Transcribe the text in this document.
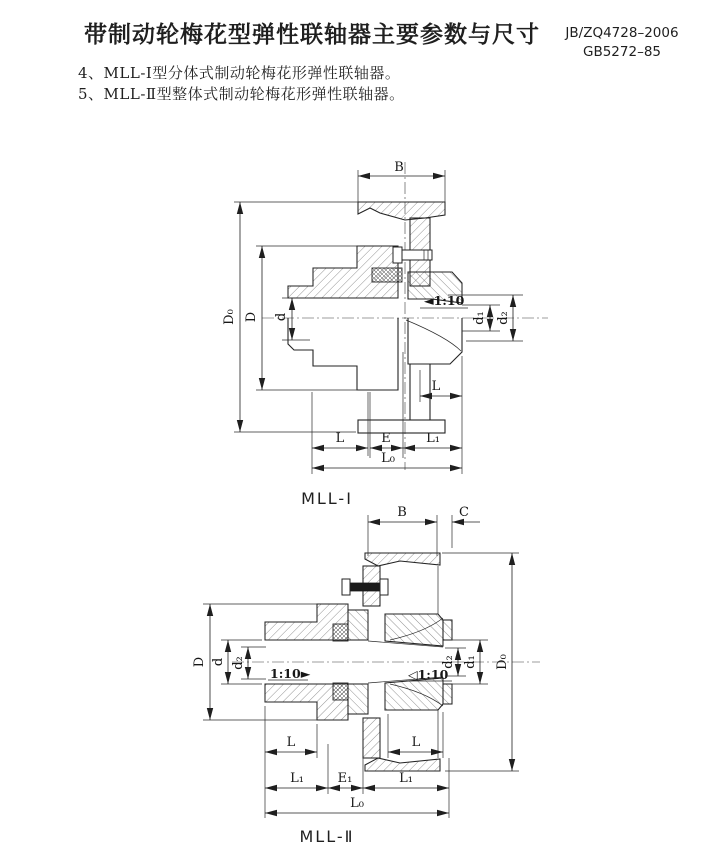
带制动轮梅花型弹性联轴器主要参数与尺寸	JB/ZQ4728–2006
GB5272–85
4、MLL-Ⅰ型分体式制动轮梅花形弹性联轴器。
5、MLL-Ⅱ型整体式制动轮梅花形弹性联轴器。
B
D₀ D d
◄1:10
d₁ d₂
L
L	E	L₁
L₀
B	C
D₀
D d d₂
1:10►	◁1:10
d₂ d₁
L	L
L₁	E₁	L₁
L₀
MLL-Ⅰ
MLL-Ⅱ
